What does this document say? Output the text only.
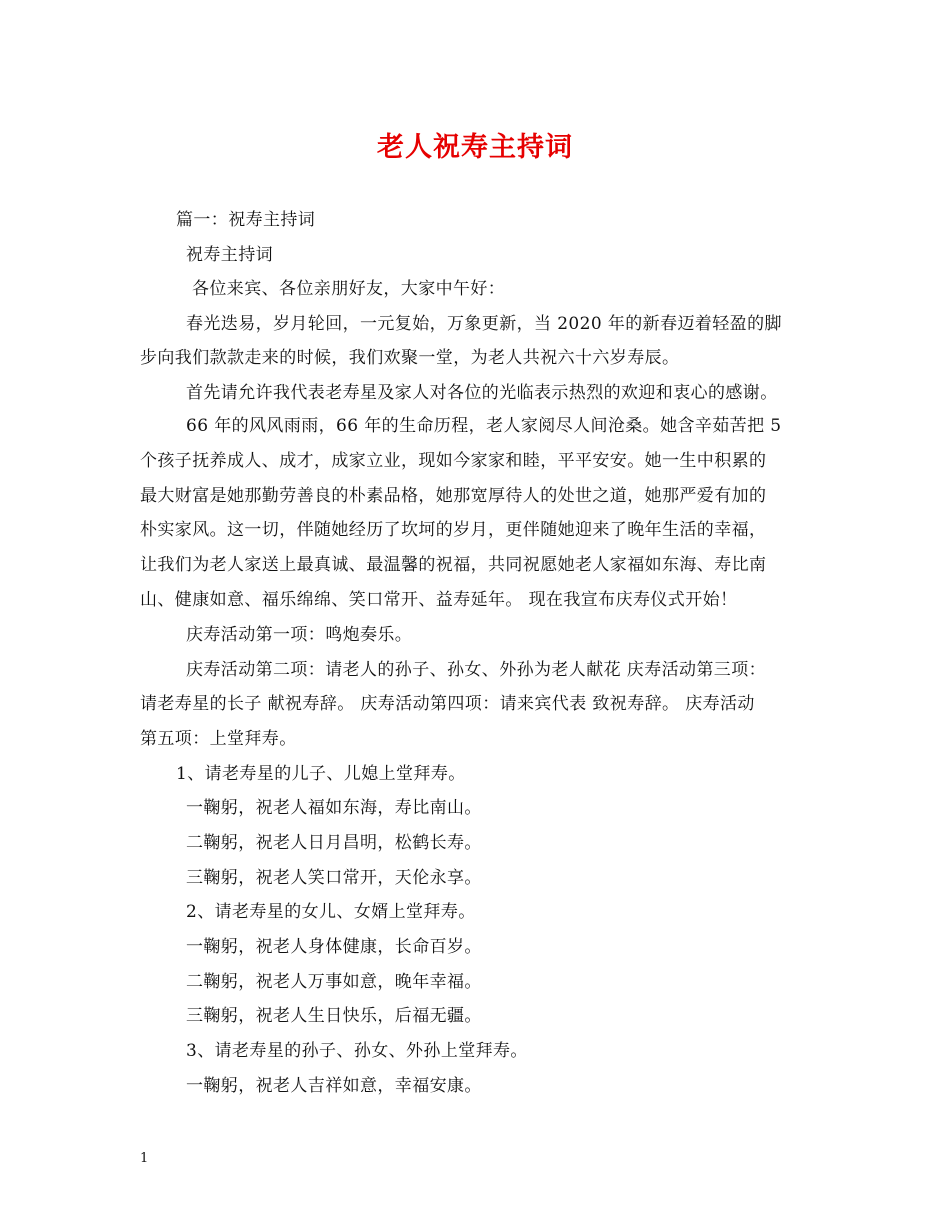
老人祝寿主持词
篇一：祝寿主持词
祝寿主持词
各位来宾、各位亲朋好友，大家中午好：
春光迭易，岁月轮回，一元复始，万象更新，当 2020 年的新春迈着轻盈的脚
步向我们款款走来的时候，我们欢聚一堂，为老人共祝六十六岁寿辰。
首先请允许我代表老寿星及家人对各位的光临表示热烈的欢迎和衷心的感谢。
66 年的风风雨雨，66 年的生命历程，老人家阅尽人间沧桑。她含辛茹苦把 5
个孩子抚养成人、成才，成家立业，现如今家家和睦，平平安安。她一生中积累的
最大财富是她那勤劳善良的朴素品格，她那宽厚待人的处世之道，她那严爱有加的
朴实家风。这一切，伴随她经历了坎坷的岁月，更伴随她迎来了晚年生活的幸福，
让我们为老人家送上最真诚、最温馨的祝福，共同祝愿她老人家福如东海、寿比南
山、健康如意、福乐绵绵、笑口常开、益寿延年。 现在我宣布庆寿仪式开始！
庆寿活动第一项：鸣炮奏乐。
庆寿活动第二项：请老人的孙子、孙女、外孙为老人献花 庆寿活动第三项：
请老寿星的长子 献祝寿辞。 庆寿活动第四项：请来宾代表 致祝寿辞。 庆寿活动
第五项：上堂拜寿。
1、请老寿星的儿子、儿媳上堂拜寿。
一鞠躬，祝老人福如东海，寿比南山。
二鞠躬，祝老人日月昌明，松鹤长寿。
三鞠躬，祝老人笑口常开，天伦永享。
2、请老寿星的女儿、女婿上堂拜寿。
一鞠躬，祝老人身体健康，长命百岁。
二鞠躬，祝老人万事如意，晚年幸福。
三鞠躬，祝老人生日快乐，后福无疆。
3、请老寿星的孙子、孙女、外孙上堂拜寿。
一鞠躬，祝老人吉祥如意，幸福安康。
1
